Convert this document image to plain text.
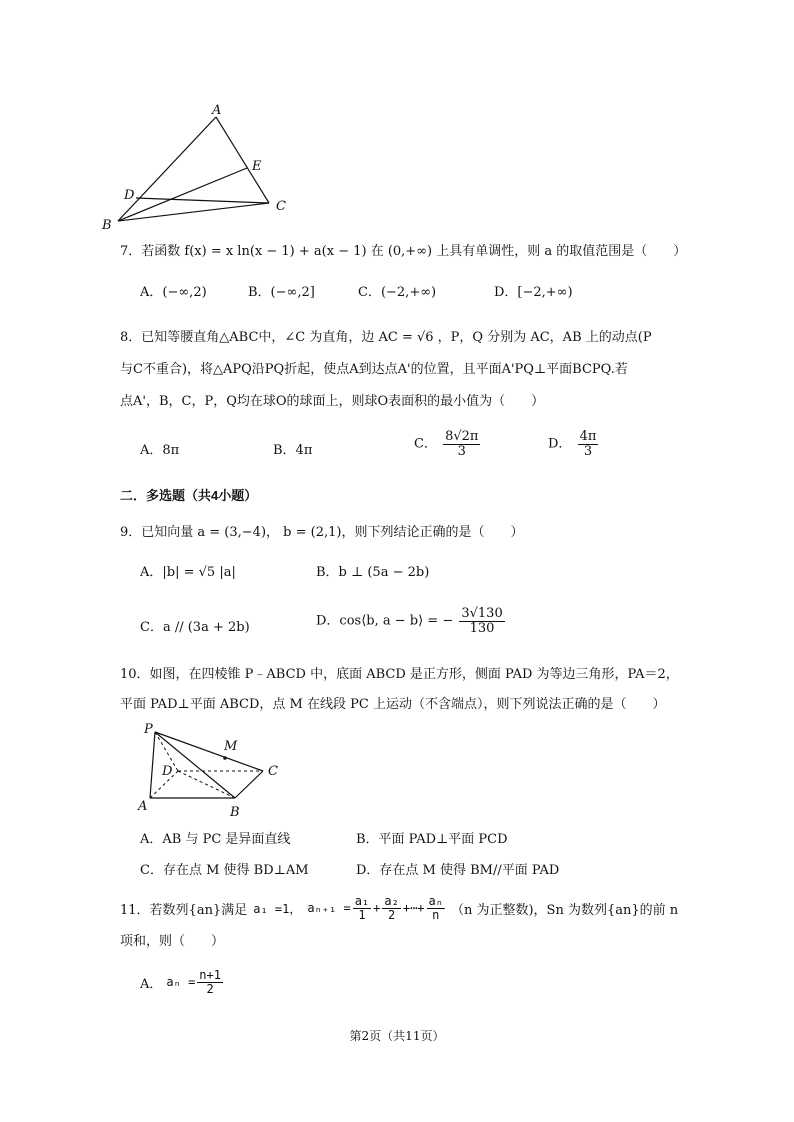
A
E
D
B
C
7．若函数 f(x) = x ln(x − 1) + a(x − 1) 在 (0,+∞) 上具有单调性，则 a 的取值范围是（　　）
A．(−∞,2)	B．(−∞,2]	C．(−2,+∞)	D．[−2,+∞)
8．已知等腰直角△ABC中，∠C 为直角，边 AC = √6 ，P，Q 分别为 AC，AB 上的动点(P
与C不重合)，将△APQ沿PQ折起，使点A到达点A'的位置，且平面A'PQ⊥平面BCPQ.若
点A'，B，C，P，Q均在球O的球面上，则球O表面积的最小值为（　　）
A．8π	B．4π	C． $\frac{8√2\pi}{3}$	D． $\frac{4\pi}{3}$
二．多选题（共4小题）
9．已知向量 a = (3,−4)， b = (2,1)，则下列结论正确的是（　　）
A．|b| = √5 |a|	B．b ⊥ (5a − 2b)
C．a // (3a + 2b)	D．cos⟨b, a − b⟩ = − $\frac{3√130}{130}$
10．如图，在四棱锥 P﹣ABCD 中，底面 ABCD 是正方形，侧面 PAD 为等边三角形，PA＝2，
平面 PAD⊥平面 ABCD，点 M 在线段 PC 上运动（不含端点），则下列说法正确的是（　　）
P
M
D	C
A	B
A．AB 与 PC 是异面直线	B．平面 PAD⊥平面 PCD
C．存在点 M 使得 BD⊥AM	D．存在点 M 使得 BM//平面 PAD
11．若数列{an}满足 a₁ =1， $a_{n+1} = \frac{\text{a₁}}{1} + \frac{\text{a₂}}{2}$ +⋯+ $\frac{\text{aₙ}}{n} (n$ 为正整数)，Sn 为数列{an}的前 n
项和，则（　　）
A． $a_n = \frac{n+1}{2}$
第2页（共11页）
